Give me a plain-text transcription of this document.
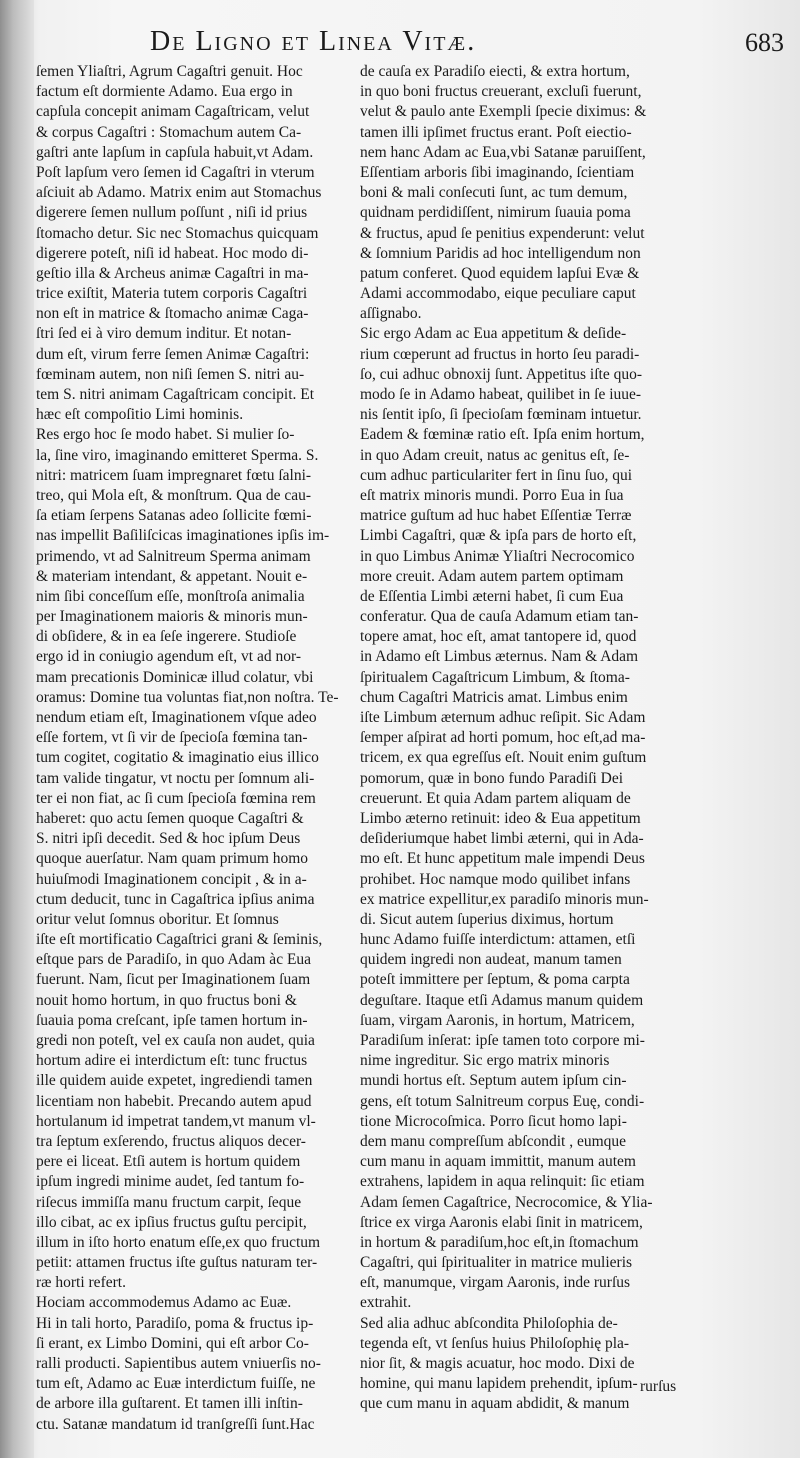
De Ligno et Linea Vitæ.	683
ſemen Yliaſtri, Agrum Cagaſtri genuit. Hoc
factum eſt dormiente Adamo. Eua ergo in
capſula concepit animam Cagaſtricam, velut
& corpus Cagaſtri : Stomachum autem Ca-
gaſtri ante lapſum in capſula habuit,vt Adam.
Poſt lapſum vero ſemen id Cagaſtri in vterum
aſciuit ab Adamo. Matrix enim aut Stomachus
digerere ſemen nullum poſſunt , niſi id prius
ſtomacho detur. Sic nec Stomachus quicquam
digerere poteſt, niſi id habeat. Hoc modo di-
geſtio illa & Archeus animæ Cagaſtri in ma-
trice exiſtit, Materia tutem corporis Cagaſtri
non eſt in matrice & ſtomacho animæ Caga-
ſtri ſed ei à viro demum inditur. Et notan-
dum eſt, virum ferre ſemen Animæ Cagaſtri:
fœminam autem, non niſi ſemen S. nitri au-
tem S. nitri animam Cagaſtricam concipit. Et
hæc eſt compoſitio Limi hominis.
Res ergo hoc ſe modo habet. Si mulier ſo-
la, ſine viro, imaginando emitteret Sperma. S.
nitri: matricem ſuam impregnaret fœtu ſalni-
treo, qui Mola eſt, & monſtrum. Qua de cau-
ſa etiam ſerpens Satanas adeo ſollicite fœmi-
nas impellit Baſiliſcicas imaginationes ipſis im-
primendo, vt ad Salnitreum Sperma animam
& materiam intendant, & appetant. Nouit e-
nim ſibi conceſſum eſſe, monſtroſa animalia
per Imaginationem maioris & minoris mun-
di obſidere, & in ea ſeſe ingerere. Studioſe
ergo id in coniugio agendum eſt, vt ad nor-
mam precationis Dominicæ illud colatur, vbi
oramus: Domine tua voluntas fiat,non noſtra. Te-
nendum etiam eſt, Imaginationem vſque adeo
eſſe fortem, vt ſi vir de ſpecioſa fœmina tan-
tum cogitet, cogitatio & imaginatio eius illico
tam valide tingatur, vt noctu per ſomnum ali-
ter ei non fiat, ac ſi cum ſpecioſa fœmina rem
haberet: quo actu ſemen quoque Cagaſtri &
S. nitri ipſi decedit. Sed & hoc ipſum Deus
quoque auerſatur. Nam quam primum homo
huiuſmodi Imaginationem concipit , & in a-
ctum deducit, tunc in Cagaſtrica ipſius anima
oritur velut ſomnus oboritur. Et ſomnus
iſte eſt mortificatio Cagaſtrici grani & ſeminis,
eſtque pars de Paradiſo, in quo Adam àc Eua
fuerunt. Nam, ſicut per Imaginationem ſuam
nouit homo hortum, in quo fructus boni &
ſuauia poma creſcant, ipſe tamen hortum in-
gredi non poteſt, vel ex cauſa non audet, quia
hortum adire ei interdictum eſt: tunc fructus
ille quidem auide expetet, ingrediendi tamen
licentiam non habebit. Precando autem apud
hortulanum id impetrat tandem,vt manum vl-
tra ſeptum exſerendo, fructus aliquos decer-
pere ei liceat. Etſi autem is hortum quidem
ipſum ingredi minime audet, ſed tantum fo-
riſecus immiſſa manu fructum carpit, ſeque
illo cibat, ac ex ipſius fructus guſtu percipit,
illum in iſto horto enatum eſſe,ex quo fructum
petiit: attamen fructus iſte guſtus naturam ter-
ræ horti refert.
Hociam accommodemus Adamo ac Euæ.
Hi in tali horto, Paradiſo, poma & fructus ip-
ſi erant, ex Limbo Domini, qui eſt arbor Co-
ralli producti. Sapientibus autem vniuerſis no-
tum eſt, Adamo ac Euæ interdictum fuiſſe, ne
de arbore illa guſtarent. Et tamen illi inſtin-
ctu. Satanæ mandatum id tranſgreſſi ſunt.Hac
de cauſa ex Paradiſo eiecti, & extra hortum,
in quo boni fructus creuerant, excluſi fuerunt,
velut & paulo ante Exempli ſpecie diximus: &
tamen illi ipſimet fructus erant. Poſt eiectio-
nem hanc Adam ac Eua,vbi Satanæ paruiſſent,
Eſſentiam arboris ſibi imaginando, ſcientiam
boni & mali conſecuti ſunt, ac tum demum,
quidnam perdidiſſent, nimirum ſuauia poma
& fructus, apud ſe penitius expenderunt: velut
& ſomnium Paridis ad hoc intelligendum non
patum conferet. Quod equidem lapſui Evæ &
Adami accommodabo, eique peculiare caput
aſſignabo.
Sic ergo Adam ac Eua appetitum & deſide-
rium cœperunt ad fructus in horto ſeu paradi-
ſo, cui adhuc obnoxij ſunt. Appetitus iſte quo-
modo ſe in Adamo habeat, quilibet in ſe iuue-
nis ſentit ipſo, ſi ſpecioſam fœminam intuetur.
Eadem & fœminæ ratio eſt. Ipſa enim hortum,
in quo Adam creuit, natus ac genitus eſt, ſe-
cum adhuc particulariter fert in ſinu ſuo, qui
eſt matrix minoris mundi. Porro Eua in ſua
matrice guſtum ad huc habet Eſſentiæ Terræ
Limbi Cagaſtri, quæ & ipſa pars de horto eſt,
in quo Limbus Animæ Yliaſtri Necrocomico
more creuit. Adam autem partem optimam
de Eſſentia Limbi æterni habet, ſi cum Eua
conferatur. Qua de cauſa Adamum etiam tan-
topere amat, hoc eſt, amat tantopere id, quod
in Adamo eſt Limbus æternus. Nam & Adam
ſpiritualem Cagaſtricum Limbum, & ſtoma-
chum Cagaſtri Matricis amat. Limbus enim
iſte Limbum æternum adhuc reſipit. Sic Adam
ſemper aſpirat ad horti pomum, hoc eſt,ad ma-
tricem, ex qua egreſſus eſt. Nouit enim guſtum
pomorum, quæ in bono fundo Paradiſi Dei
creuerunt. Et quia Adam partem aliquam de
Limbo æterno retinuit: ideo & Eua appetitum
deſideriumque habet limbi æterni, qui in Ada-
mo eſt. Et hunc appetitum male impendi Deus
prohibet. Hoc namque modo quilibet infans
ex matrice expellitur,ex paradiſo minoris mun-
di. Sicut autem ſuperius diximus, hortum
hunc Adamo fuiſſe interdictum: attamen, etſi
quidem ingredi non audeat, manum tamen
poteſt immittere per ſeptum, & poma carpta
deguſtare. Itaque etſi Adamus manum quidem
ſuam, virgam Aaronis, in hortum, Matricem,
Paradiſum inſerat: ipſe tamen toto corpore mi-
nime ingreditur. Sic ergo matrix minoris
mundi hortus eſt. Septum autem ipſum cin-
gens, eſt totum Salnitreum corpus Euę, condi-
tione Microcoſmica. Porro ſicut homo lapi-
dem manu compreſſum abſcondit , eumque
cum manu in aquam immittit, manum autem
extrahens, lapidem in aqua relinquit: ſic etiam
Adam ſemen Cagaſtrice, Necrocomice, & Ylia-
ſtrice ex virga Aaronis elabi ſinit in matricem,
in hortum & paradiſum,hoc eſt,in ſtomachum
Cagaſtri, qui ſpiritualiter in matrice mulieris
eſt, manumque, virgam Aaronis, inde rurſus
extrahit.
Sed alia adhuc abſcondita Philoſophia de-
tegenda eſt, vt ſenſus huius Philoſophię pla-
nior ſit, & magis acuatur, hoc modo. Dixi de
homine, qui manu lapidem prehendit, ipſum-
que cum manu in aquam abdidit, & manum
rurſus
